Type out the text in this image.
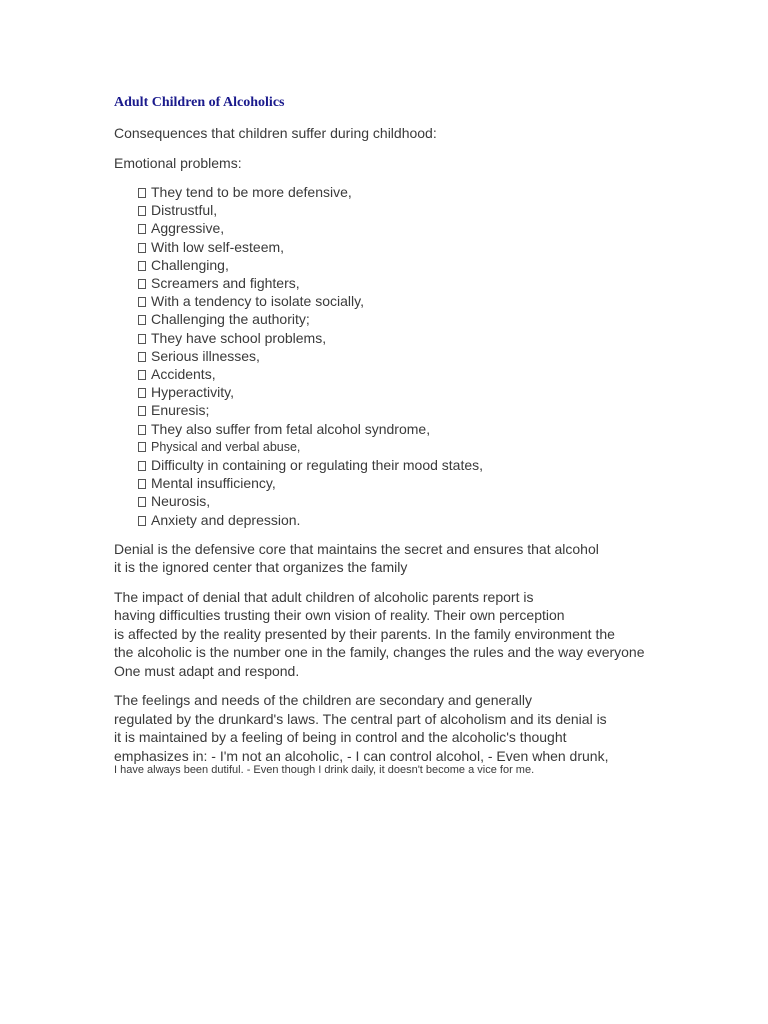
Adult Children of Alcoholics

Consequences that children suffer during childhood:

Emotional problems:

They tend to be more defensive,
Distrustful,
Aggressive,
With low self-esteem,
Challenging,
Screamers and fighters,
With a tendency to isolate socially,
Challenging the authority;
They have school problems,
Serious illnesses,
Accidents,
Hyperactivity,
Enuresis;
They also suffer from fetal alcohol syndrome,
Physical and verbal abuse,
Difficulty in containing or regulating their mood states,
Mental insufficiency,
Neurosis,
Anxiety and depression.

Denial is the defensive core that maintains the secret and ensures that alcohol
it is the ignored center that organizes the family

The impact of denial that adult children of alcoholic parents report is
having difficulties trusting their own vision of reality. Their own perception
is affected by the reality presented by their parents. In the family environment the
the alcoholic is the number one in the family, changes the rules and the way everyone
One must adapt and respond.

The feelings and needs of the children are secondary and generally
regulated by the drunkard's laws. The central part of alcoholism and its denial is
it is maintained by a feeling of being in control and the alcoholic's thought
emphasizes in: - I'm not an alcoholic, - I can control alcohol, - Even when drunk,
I have always been dutiful. - Even though I drink daily, it doesn't become a vice for me.
